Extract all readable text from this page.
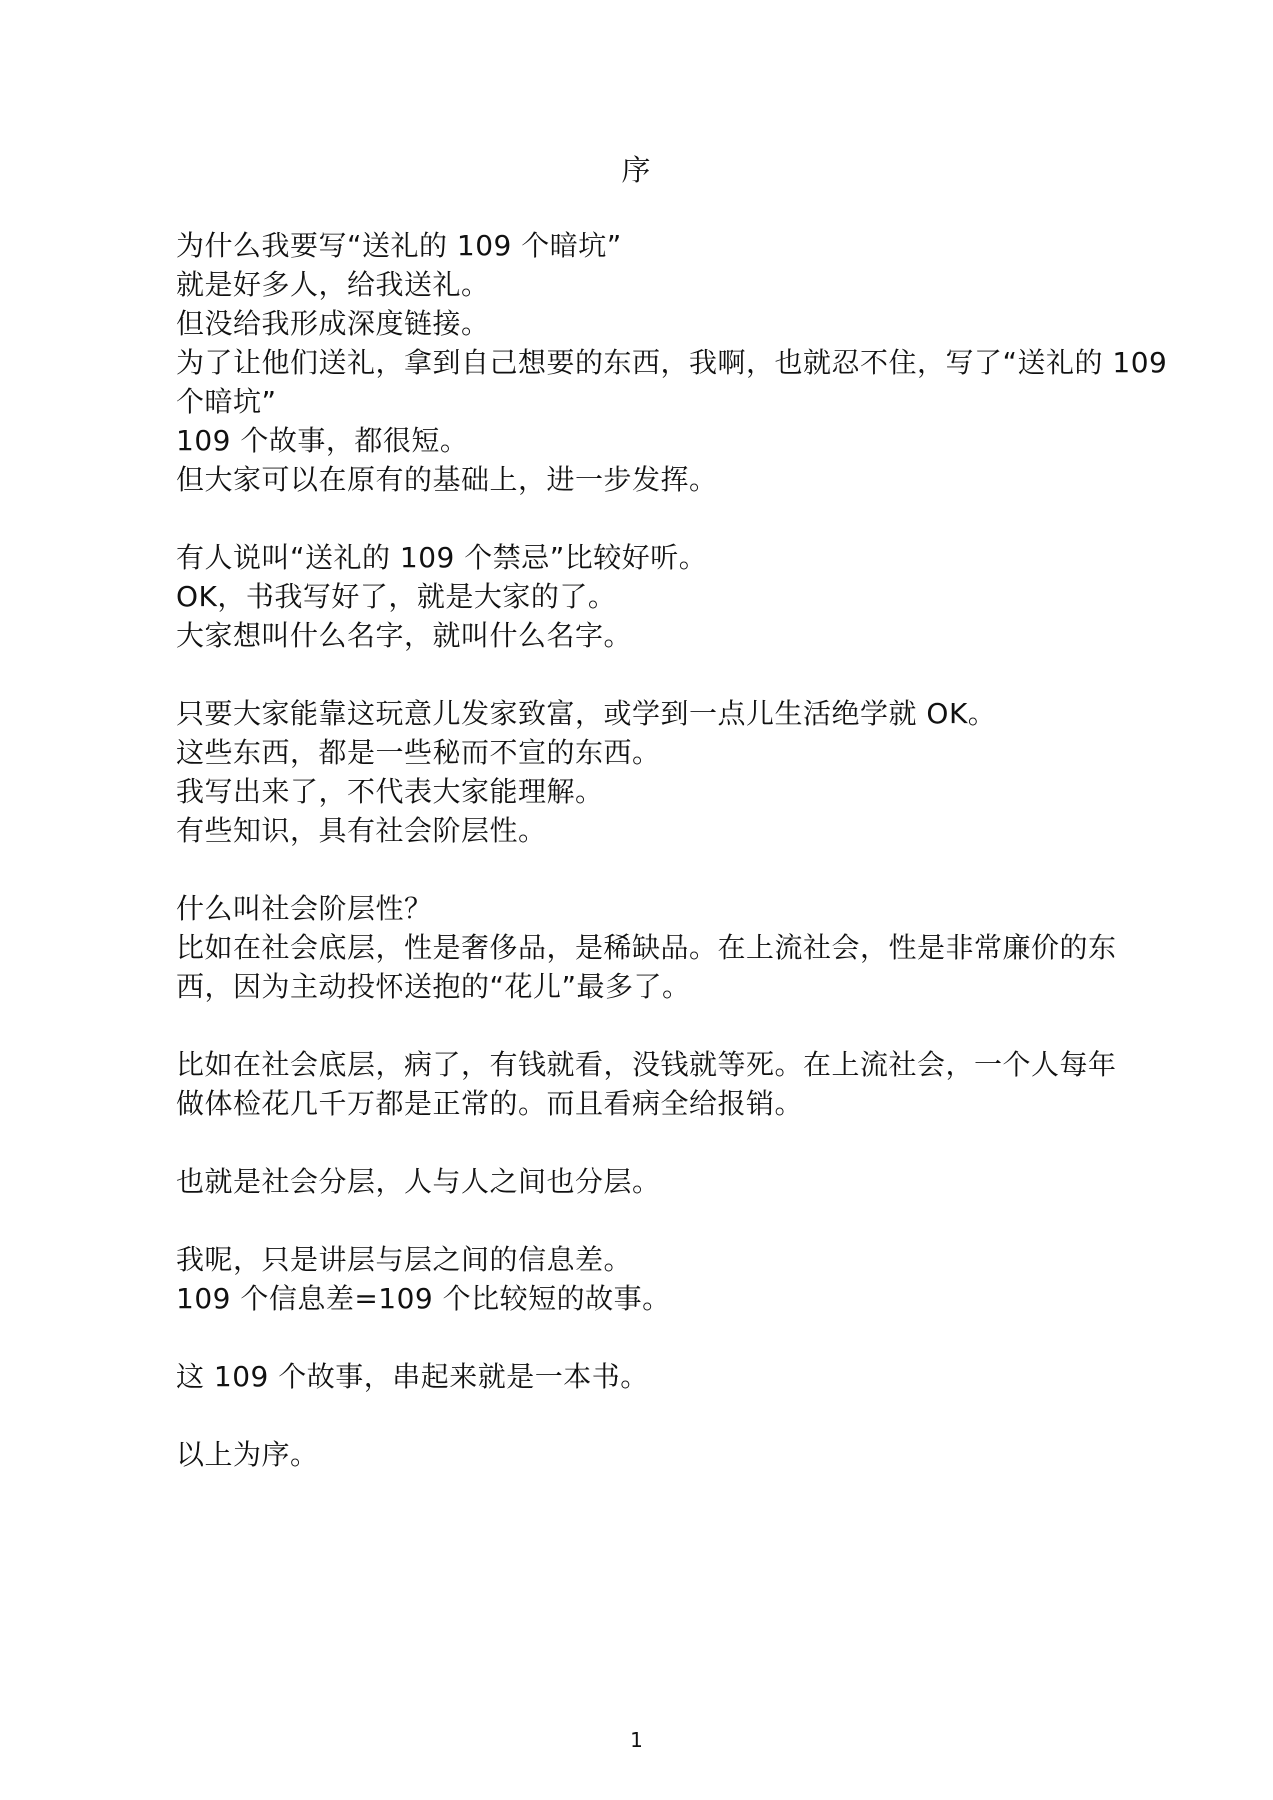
序
为什么我要写“送礼的 109 个暗坑”
就是好多人，给我送礼。
但没给我形成深度链接。
为了让他们送礼，拿到自己想要的东西，我啊，也就忍不住，写了“送礼的 109
个暗坑”
109 个故事，都很短。
但大家可以在原有的基础上，进一步发挥。
有人说叫“送礼的 109 个禁忌”比较好听。
OK，书我写好了，就是大家的了。
大家想叫什么名字，就叫什么名字。
只要大家能靠这玩意儿发家致富，或学到一点儿生活绝学就 OK。
这些东西，都是一些秘而不宣的东西。
我写出来了，不代表大家能理解。
有些知识，具有社会阶层性。
什么叫社会阶层性？
比如在社会底层，性是奢侈品，是稀缺品。在上流社会，性是非常廉价的东
西，因为主动投怀送抱的“花儿”最多了。
比如在社会底层，病了，有钱就看，没钱就等死。在上流社会，一个人每年
做体检花几千万都是正常的。而且看病全给报销。
也就是社会分层，人与人之间也分层。
我呢，只是讲层与层之间的信息差。
109 个信息差=109 个比较短的故事。
这 109 个故事，串起来就是一本书。
以上为序。
1
